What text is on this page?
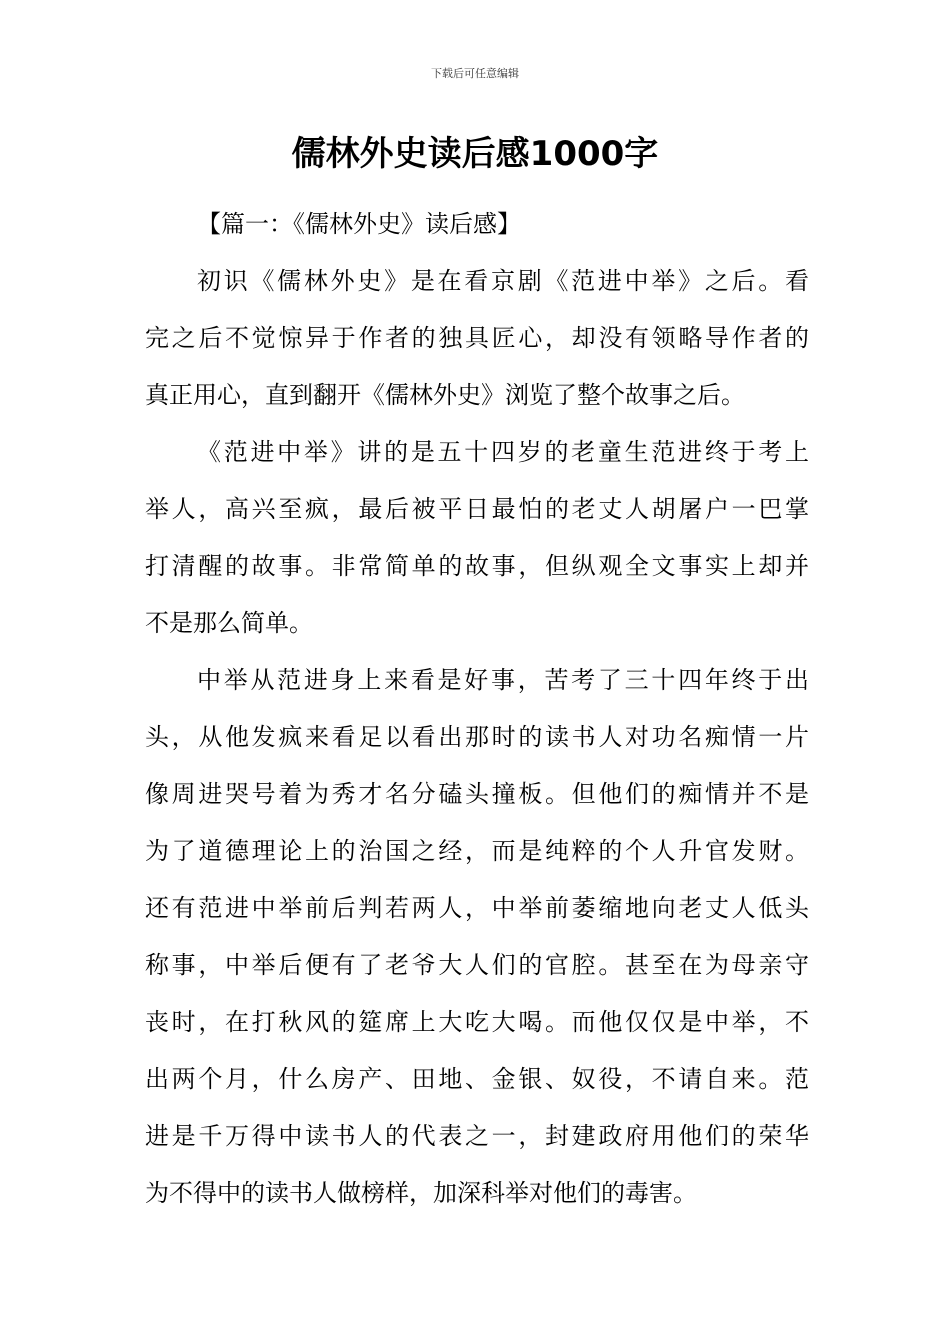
下载后可任意编辑
儒林外史读后感1000字

【篇一：《儒林外史》读后感】

初识《儒林外史》是在看京剧《范进中举》之后。看
完之后不觉惊异于作者的独具匠心，却没有领略导作者的
真正用心，直到翻开《儒林外史》浏览了整个故事之后。
《范进中举》讲的是五十四岁的老童生范进终于考上
举人，高兴至疯，最后被平日最怕的老丈人胡屠户一巴掌
打清醒的故事。非常简单的故事，但纵观全文事实上却并
不是那么简单。
中举从范进身上来看是好事，苦考了三十四年终于出
头，从他发疯来看足以看出那时的读书人对功名痴情一片
像周进哭号着为秀才名分磕头撞板。但他们的痴情并不是
为了道德理论上的治国之经，而是纯粹的个人升官发财。
还有范进中举前后判若两人，中举前萎缩地向老丈人低头
称事，中举后便有了老爷大人们的官腔。甚至在为母亲守
丧时，在打秋风的筵席上大吃大喝。而他仅仅是中举，不
出两个月，什么房产、田地、金银、奴役，不请自来。范
进是千万得中读书人的代表之一，封建政府用他们的荣华
为不得中的读书人做榜样，加深科举对他们的毒害。
